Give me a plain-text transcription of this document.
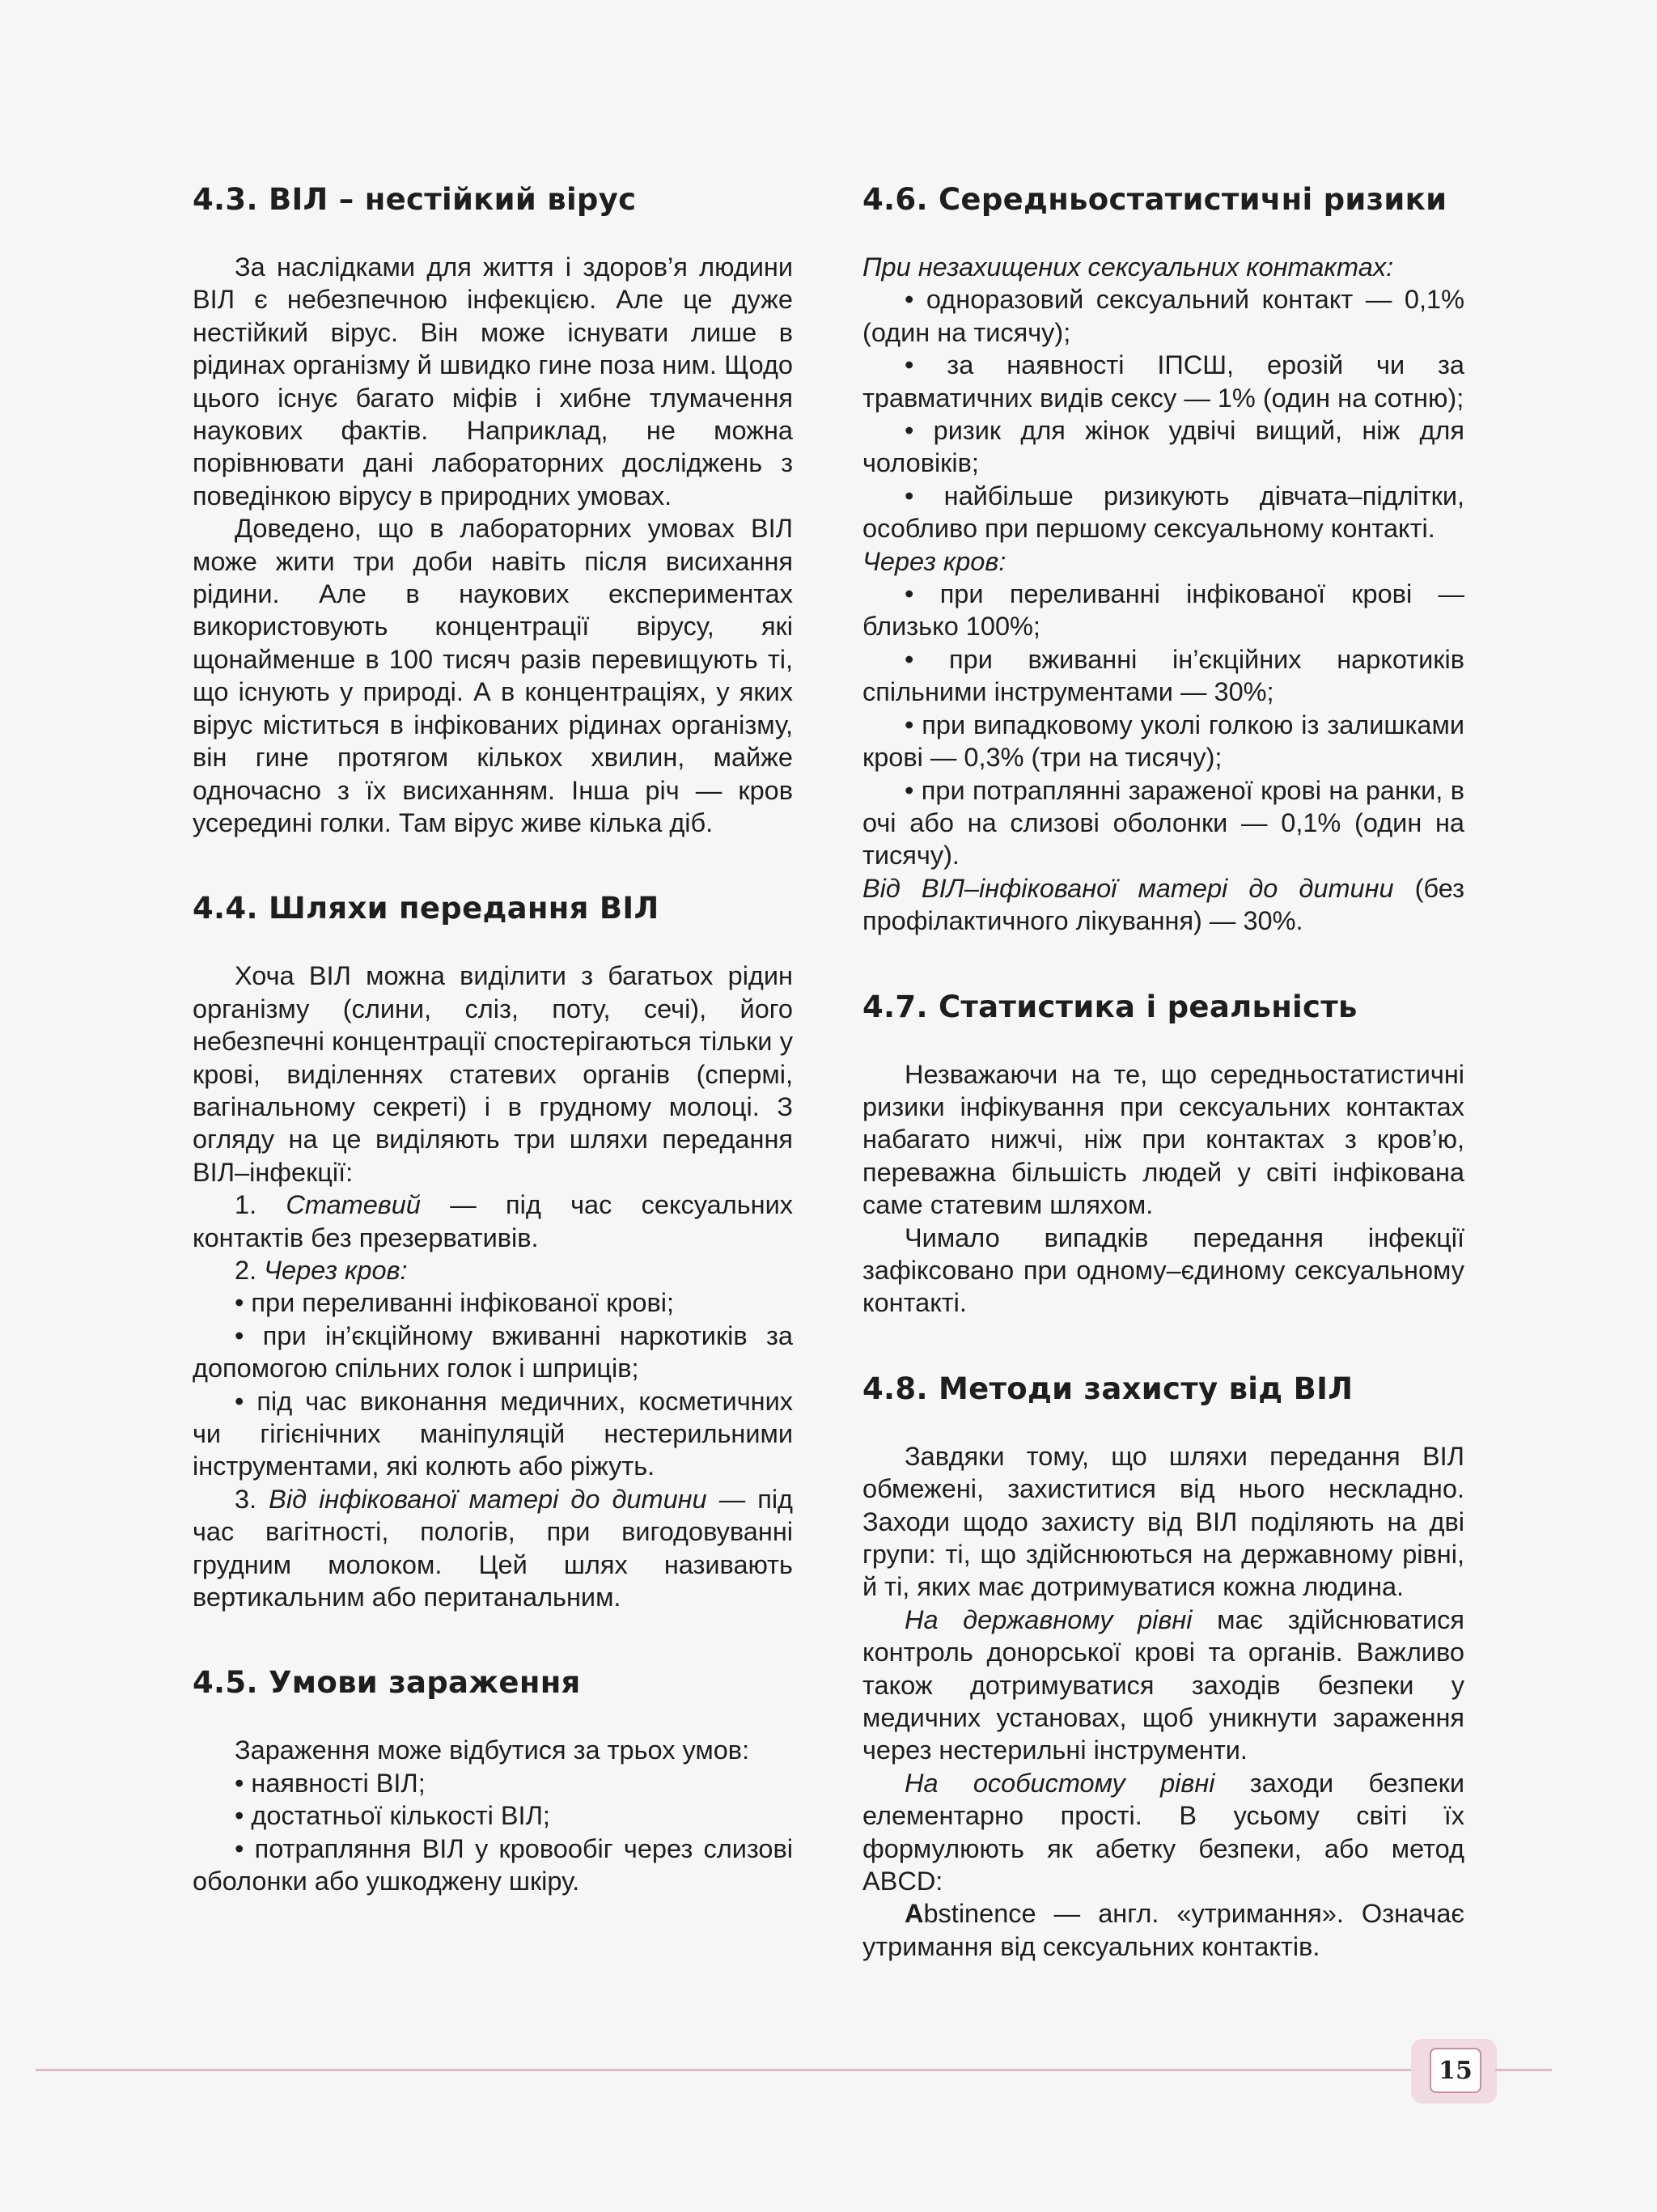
4.3. ВІЛ – нестійкий вірус

За наслідками для життя і здоров’я людини ВІЛ є небезпечною інфекцією. Але це дуже нестійкий вірус. Він може існувати лише в рідинах організму й швидко гине поза ним. Щодо цього існує багато міфів і хибне тлумачення наукових фактів. Наприклад, не можна порівнювати дані лабораторних досліджень з поведінкою вірусу в природних умовах.

Доведено, що в лабораторних умовах ВІЛ може жити три доби навіть після висихання рідини. Але в наукових експериментах використовують концентрації вірусу, які щонайменше в 100 тисяч разів перевищують ті, що існують у природі. А в концентраціях, у яких вірус міститься в інфікованих рідинах організму, він гине протягом кількох хвилин, майже одночасно з їх висиханням. Інша річ — кров усередині голки. Там вірус живе кілька діб.

4.4. Шляхи передання ВІЛ

Хоча ВІЛ можна виділити з багатьох рідин організму (слини, сліз, поту, сечі), його небезпечні концентрації спостерігаються тільки у крові, виділеннях статевих органів (спермі, вагінальному секреті) і в грудному молоці. З огляду на це виділяють три шляхи передання ВІЛ–інфекції:

1. Статевий — під час сексуальних контактів без презервативів.

2. Через кров:

• при переливанні інфікованої крові;

• при ін’єкційному вживанні наркотиків за допомогою спільних голок і шприців;

• під час виконання медичних, косметичних чи гігієнічних маніпуляцій нестерильними інструментами, які колють або ріжуть.

3. Від інфікованої матері до дитини — під час вагітності, пологів, при вигодовуванні грудним молоком. Цей шлях називають вертикальним або пеританальним.

4.5. Умови зараження

Зараження може відбутися за трьох умов:

• наявності ВІЛ;

• достатньої кількості ВІЛ;

• потрапляння ВІЛ у кровообіг через слизові оболонки або ушкоджену шкіру.

4.6. Середньостатистичні ризики

При незахищених сексуальних контактах:

• одноразовий сексуальний контакт — 0,1% (один на тисячу);

• за наявності ІПСШ, ерозій чи за травматичних видів сексу — 1% (один на сотню);

• ризик для жінок удвічі вищий, ніж для чоловіків;

• найбільше ризикують дівчата–підлітки, особливо при першому сексуальному контакті.

Через кров:

• при переливанні інфікованої крові — близько 100%;

• при вживанні ін’єкційних наркотиків спільними інструментами — 30%;

• при випадковому уколі голкою із залишками крові — 0,3% (три на тисячу);

• при потраплянні зараженої крові на ранки, в очі або на слизові оболонки — 0,1% (один на тисячу).

Від ВІЛ–інфікованої матері до дитини (без профілактичного лікування) — 30%.

4.7. Статистика і реальність

Незважаючи на те, що середньостатистичні ризики інфікування при сексуальних контактах набагато нижчі, ніж при контактах з кров’ю, переважна більшість людей у світі інфікована саме статевим шляхом.

Чимало випадків передання інфекції зафіксовано при одному–єдиному сексуальному контакті.

4.8. Методи захисту від ВІЛ

Завдяки тому, що шляхи передання ВІЛ обмежені, захиститися від нього нескладно. Заходи щодо захисту від ВІЛ поділяють на дві групи: ті, що здійснюються на державному рівні, й ті, яких має дотримуватися кожна людина.

На державному рівні має здійснюватися контроль донорської крові та органів. Важливо також дотримуватися заходів безпеки у медичних установах, щоб уникнути зараження через нестерильні інструменти.

На особистому рівні заходи безпеки елементарно прості. В усьому світі їх формулюють як абетку безпеки, або метод ABCD:

Abstinence — англ. «утримання». Означає утримання від сексуальних контактів.

15
